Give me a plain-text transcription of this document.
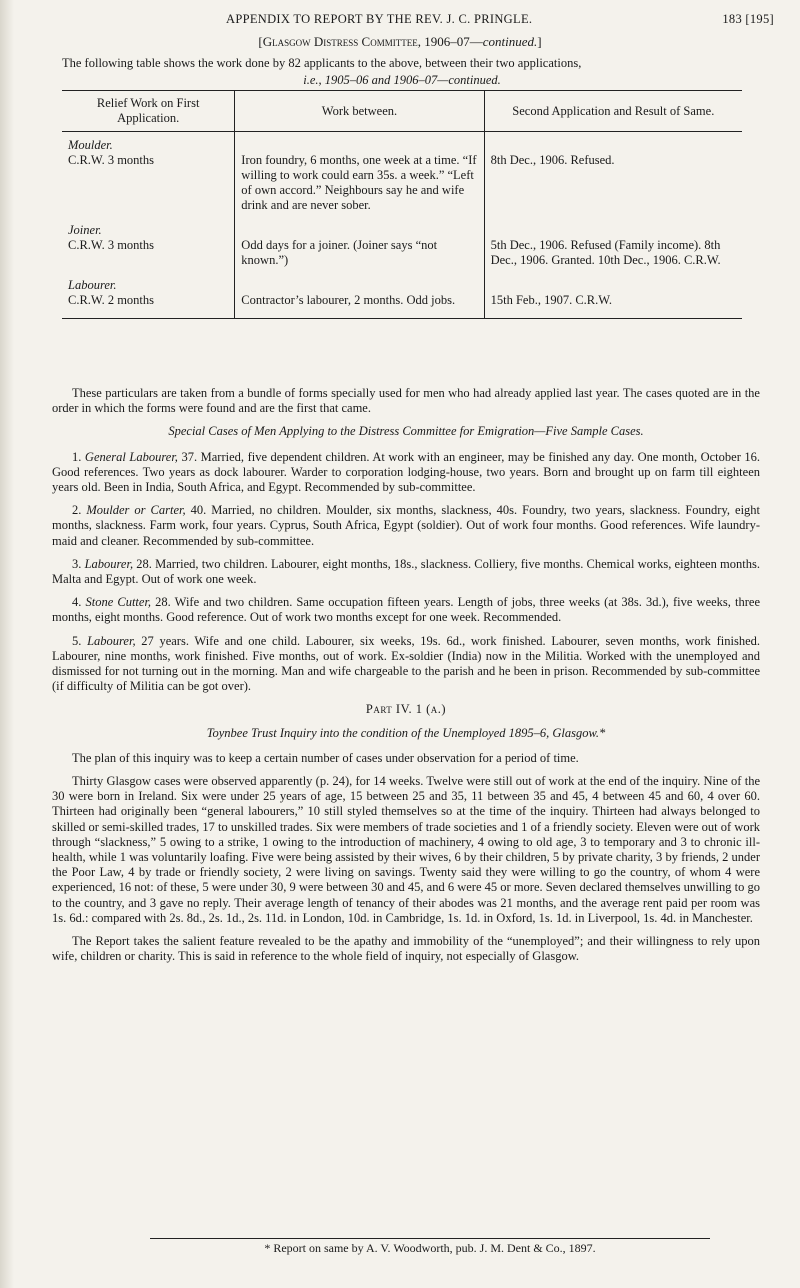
APPENDIX TO REPORT BY THE REV. J. C. PRINGLE.	183 [195]
[Glasgow Distress Committee, 1906–07—continued.]
The following table shows the work done by 82 applicants to the above, between their two applications,
i.e., 1905–06 and 1906–07—continued.
Relief Work on First Application.	Work between.	Second Application and Result of Same.

Moulder.
C.R.W. 3 months	Iron foundry, 6 months, one week at a time. “If willing to work could earn 35s. a week.” “Left of own accord.” Neighbours say he and wife drink and are never sober.	8th Dec., 1906. Refused.

Joiner.
C.R.W. 3 months	Odd days for a joiner. (Joiner says “not known.”)	5th Dec., 1906. Refused (Family income). 8th Dec., 1906. Granted. 10th Dec., 1906. C.R.W.

Labourer.
C.R.W. 2 months	Contractor’s labourer, 2 months. Odd jobs.	15th Feb., 1907. C.R.W.

These particulars are taken from a bundle of forms specially used for men who had already applied last year. The cases quoted are in the order in which the forms were found and are the first that came.

Special Cases of Men Applying to the Distress Committee for Emigration—Five Sample Cases.

1. General Labourer, 37. Married, five dependent children. At work with an engineer, may be finished any day. One month, October 16. Good references. Two years as dock labourer. Warder to corporation lodging-house, two years. Born and brought up on farm till eighteen years old. Been in India, South Africa, and Egypt. Recommended by sub-committee.

2. Moulder or Carter, 40. Married, no children. Moulder, six months, slackness, 40s. Foundry, two years, slackness. Foundry, eight months, slackness. Farm work, four years. Cyprus, South Africa, Egypt (soldier). Out of work four months. Good references. Wife laundry-maid and cleaner. Recommended by sub-committee.

3. Labourer, 28. Married, two children. Labourer, eight months, 18s., slackness. Colliery, five months. Chemical works, eighteen months. Malta and Egypt. Out of work one week.

4. Stone Cutter, 28. Wife and two children. Same occupation fifteen years. Length of jobs, three weeks (at 38s. 3d.), five weeks, three months, eight months. Good reference. Out of work two months except for one week. Recommended.

5. Labourer, 27 years. Wife and one child. Labourer, six weeks, 19s. 6d., work finished. Labourer, seven months, work finished. Labourer, nine months, work finished. Five months, out of work. Ex-soldier (India) now in the Militia. Worked with the unemployed and dismissed for not turning out in the morning. Man and wife chargeable to the parish and he been in prison. Recommended by sub-committee (if difficulty of Militia can be got over).

Part IV. 1 (a.)
Toynbee Trust Inquiry into the condition of the Unemployed 1895–6, Glasgow.*

The plan of this inquiry was to keep a certain number of cases under observation for a period of time.

Thirty Glasgow cases were observed apparently (p. 24), for 14 weeks. Twelve were still out of work at the end of the inquiry. Nine of the 30 were born in Ireland. Six were under 25 years of age, 15 between 25 and 35, 11 between 35 and 45, 4 between 45 and 60, 4 over 60. Thirteen had originally been “general labourers,” 10 still styled themselves so at the time of the inquiry. Thirteen had always belonged to skilled or semi-skilled trades, 17 to unskilled trades. Six were members of trade societies and 1 of a friendly society. Eleven were out of work through “slackness,” 5 owing to a strike, 1 owing to the introduction of machinery, 4 owing to old age, 3 to temporary and 3 to chronic ill-health, while 1 was voluntarily loafing. Five were being assisted by their wives, 6 by their children, 5 by private charity, 3 by friends, 2 under the Poor Law, 4 by trade or friendly society, 2 were living on savings. Twenty said they were willing to go the country, of whom 4 were experienced, 16 not: of these, 5 were under 30, 9 were between 30 and 45, and 6 were 45 or more. Seven declared themselves unwilling to go to the country, and 3 gave no reply. Their average length of tenancy of their abodes was 21 months, and the average rent paid per room was 1s. 6d.: compared with 2s. 8d., 2s. 1d., 2s. 11d. in London, 10d. in Cambridge, 1s. 1d. in Oxford, 1s. 1d. in Liverpool, 1s. 4d. in Manchester.

The Report takes the salient feature revealed to be the apathy and immobility of the “unemployed”; and their willingness to rely upon wife, children or charity. This is said in reference to the whole field of inquiry, not especially of Glasgow.

* Report on same by A. V. Woodworth, pub. J. M. Dent & Co., 1897.
